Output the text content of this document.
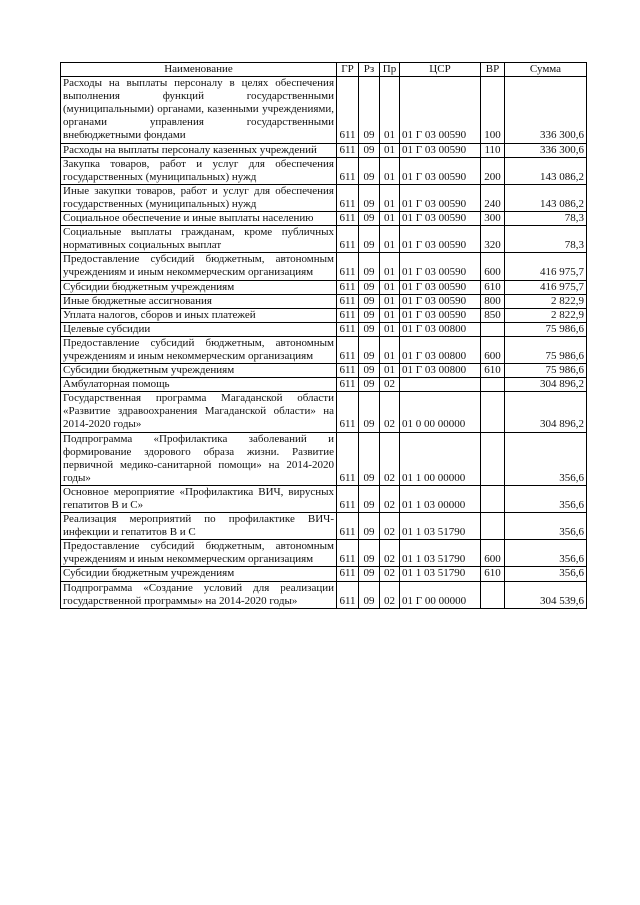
Наименование	ГР	Рз	Пр	ЦСР	ВР	Сумма
Расходы на выплаты персоналу в целях обеспечения выполнения функций государственными (муниципальными) органами, казенными учреждениями, органами управления государственными внебюджетными фондами	611	09	01	01 Г 03 00590	100	336 300,6
Расходы на выплаты персоналу казенных учреждений	611	09	01	01 Г 03 00590	110	336 300,6
Закупка товаров, работ и услуг для обеспечения государственных (муниципальных) нужд	611	09	01	01 Г 03 00590	200	143 086,2
Иные закупки товаров, работ и услуг для обеспечения государственных (муниципальных) нужд	611	09	01	01 Г 03 00590	240	143 086,2
Социальное обеспечение и иные выплаты населению	611	09	01	01 Г 03 00590	300	78,3
Социальные выплаты гражданам, кроме публичных нормативных социальных выплат	611	09	01	01 Г 03 00590	320	78,3
Предоставление субсидий бюджетным, автономным учреждениям и иным некоммерческим организациям	611	09	01	01 Г 03 00590	600	416 975,7
Субсидии бюджетным учреждениям	611	09	01	01 Г 03 00590	610	416 975,7
Иные бюджетные ассигнования	611	09	01	01 Г 03 00590	800	2 822,9
Уплата налогов, сборов и иных платежей	611	09	01	01 Г 03 00590	850	2 822,9
Целевые субсидии	611	09	01	01 Г 03 00800		75 986,6
Предоставление субсидий бюджетным, автономным учреждениям и иным некоммерческим организациям	611	09	01	01 Г 03 00800	600	75 986,6
Субсидии бюджетным учреждениям	611	09	01	01 Г 03 00800	610	75 986,6
Амбулаторная помощь	611	09	02			304 896,2
Государственная программа Магаданской области «Развитие здравоохранения Магаданской области» на 2014-2020 годы»	611	09	02	01 0 00 00000		304 896,2
Подпрограмма «Профилактика заболеваний и формирование здорового образа жизни. Развитие первичной медико-санитарной помощи» на 2014-2020 годы»	611	09	02	01 1 00 00000		356,6
Основное мероприятие «Профилактика ВИЧ, вирусных гепатитов В и С»	611	09	02	01 1 03 00000		356,6
Реализация мероприятий по профилактике ВИЧ-инфекции и гепатитов В и С	611	09	02	01 1 03 51790		356,6
Предоставление субсидий бюджетным, автономным учреждениям и иным некоммерческим организациям	611	09	02	01 1 03 51790	600	356,6
Субсидии бюджетным учреждениям	611	09	02	01 1 03 51790	610	356,6
Подпрограмма «Создание условий для реализации государственной программы» на 2014-2020 годы»	611	09	02	01 Г 00 00000		304 539,6
